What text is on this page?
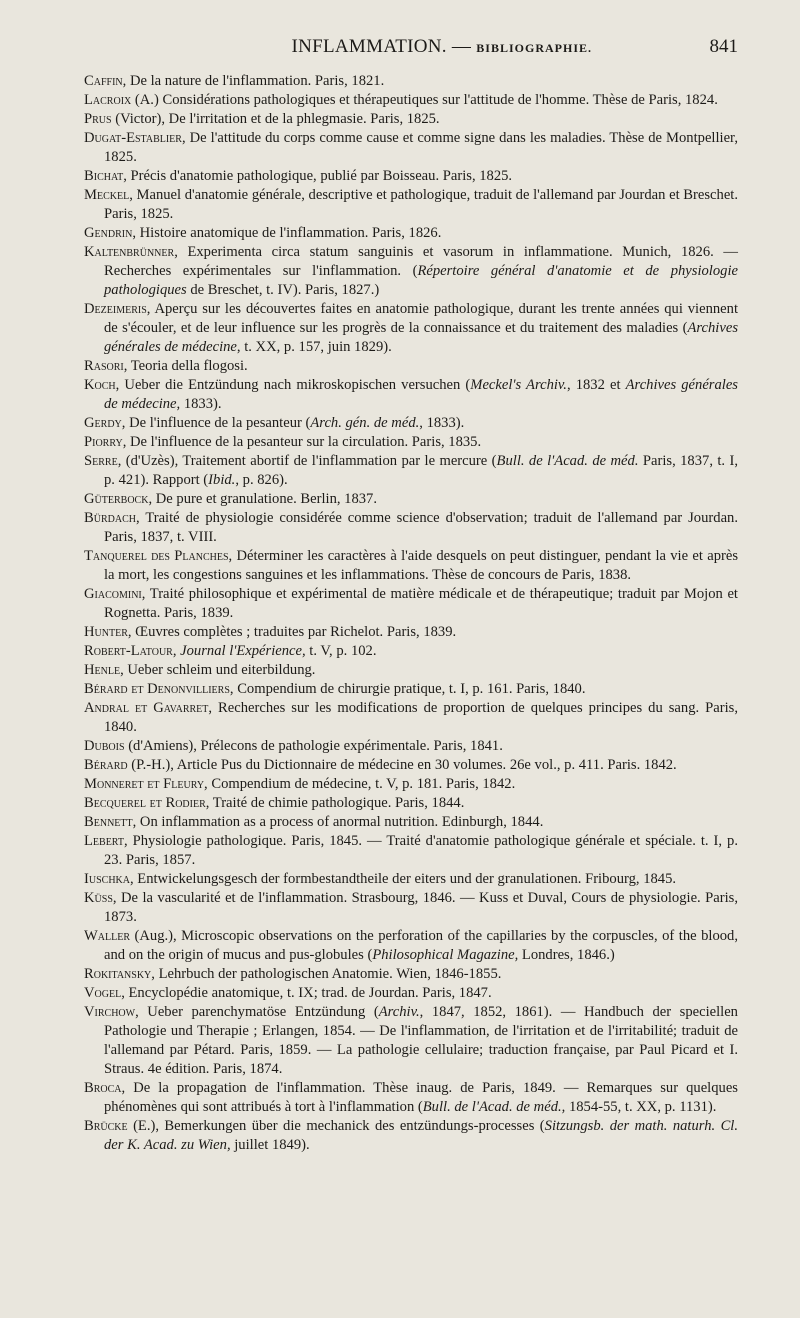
INFLAMMATION. — BIBLIOGRAPHIE.	841

Caffin, De la nature de l'inflammation. Paris, 1821.

Lacroix (A.) Considérations pathologiques et thérapeutiques sur l'attitude de l'homme. Thèse de Paris, 1824.

Prus (Victor), De l'irritation et de la phlegmasie. Paris, 1825.

Dugat-Establier, De l'attitude du corps comme cause et comme signe dans les maladies. Thèse de Montpellier, 1825.

Bichat, Précis d'anatomie pathologique, publié par Boisseau. Paris, 1825.

Meckel, Manuel d'anatomie générale, descriptive et pathologique, traduit de l'allemand par Jourdan et Breschet. Paris, 1825.

Gendrin, Histoire anatomique de l'inflammation. Paris, 1826.

Kaltenbrünner, Experimenta circa statum sanguinis et vasorum in inflammatione. Munich, 1826. — Recherches expérimentales sur l'inflammation. (Répertoire général d'anatomie et de physiologie pathologiques de Breschet, t. IV). Paris, 1827.)

Dezeimeris, Aperçu sur les découvertes faites en anatomie pathologique, durant les trente années qui viennent de s'écouler, et de leur influence sur les progrès de la connaissance et du traitement des maladies (Archives générales de médecine, t. XX, p. 157, juin 1829).

Rasori, Teoria della flogosi.

Koch, Ueber die Entzündung nach mikroskopischen versuchen (Meckel's Archiv., 1832 et Archives générales de médecine, 1833).

Gerdy, De l'influence de la pesanteur (Arch. gén. de méd., 1833).

Piorry, De l'influence de la pesanteur sur la circulation. Paris, 1835.

Serre, (d'Uzès), Traitement abortif de l'inflammation par le mercure (Bull. de l'Acad. de méd. Paris, 1837, t. I, p. 421). Rapport (Ibid., p. 826).

Güterbock, De pure et granulatione. Berlin, 1837.

Bürdach, Traité de physiologie considérée comme science d'observation; traduit de l'allemand par Jourdan. Paris, 1837, t. VIII.

Tanquerel des Planches, Déterminer les caractères à l'aide desquels on peut distinguer, pendant la vie et après la mort, les congestions sanguines et les inflammations. Thèse de concours de Paris, 1838.

Giacomini, Traité philosophique et expérimental de matière médicale et de thérapeutique; traduit par Mojon et Rognetta. Paris, 1839.

Hunter, Œuvres complètes ; traduites par Richelot. Paris, 1839.

Robert-Latour, Journal l'Expérience, t. V, p. 102.

Henle, Ueber schleim und eiterbildung.

Bérard et Denonvilliers, Compendium de chirurgie pratique, t. I, p. 161. Paris, 1840.

Andral et Gavarret, Recherches sur les modifications de proportion de quelques principes du sang. Paris, 1840.

Dubois (d'Amiens), Prélecons de pathologie expérimentale. Paris, 1841.

Bérard (P.-H.), Article Pus du Dictionnaire de médecine en 30 volumes. 26e vol., p. 411. Paris. 1842.

Monneret et Fleury, Compendium de médecine, t. V, p. 181. Paris, 1842.

Becquerel et Rodier, Traité de chimie pathologique. Paris, 1844.

Bennett, On inflammation as a process of anormal nutrition. Edinburgh, 1844.

Lebert, Physiologie pathologique. Paris, 1845. — Traité d'anatomie pathologique générale et spéciale. t. I, p. 23. Paris, 1857.

Iuschka, Entwickelungsgesch der formbestandtheile der eiters und der granulationen. Fribourg, 1845.

Küss, De la vascularité et de l'inflammation. Strasbourg, 1846. — Kuss et Duval, Cours de physiologie. Paris, 1873.

Waller (Aug.), Microscopic observations on the perforation of the capillaries by the corpuscles, of the blood, and on the origin of mucus and pus-globules (Philosophical Magazine, Londres, 1846.)

Rokitansky, Lehrbuch der pathologischen Anatomie. Wien, 1846-1855.

Vogel, Encyclopédie anatomique, t. IX; trad. de Jourdan. Paris, 1847.

Virchow, Ueber parenchymatöse Entzündung (Archiv., 1847, 1852, 1861). — Handbuch der speciellen Pathologie und Therapie ; Erlangen, 1854. — De l'inflammation, de l'irritation et de l'irritabilité; traduit de l'allemand par Pétard. Paris, 1859. — La pathologie cellulaire; traduction française, par Paul Picard et I. Straus. 4e édition. Paris, 1874.

Broca, De la propagation de l'inflammation. Thèse inaug. de Paris, 1849. — Remarques sur quelques phénomènes qui sont attribués à tort à l'inflammation (Bull. de l'Acad. de méd., 1854-55, t. XX, p. 1131).

Brücke (E.), Bemerkungen über die mechanick des entzündungs-processes (Sitzungsb. der math. naturh. Cl. der K. Acad. zu Wien, juillet 1849).
